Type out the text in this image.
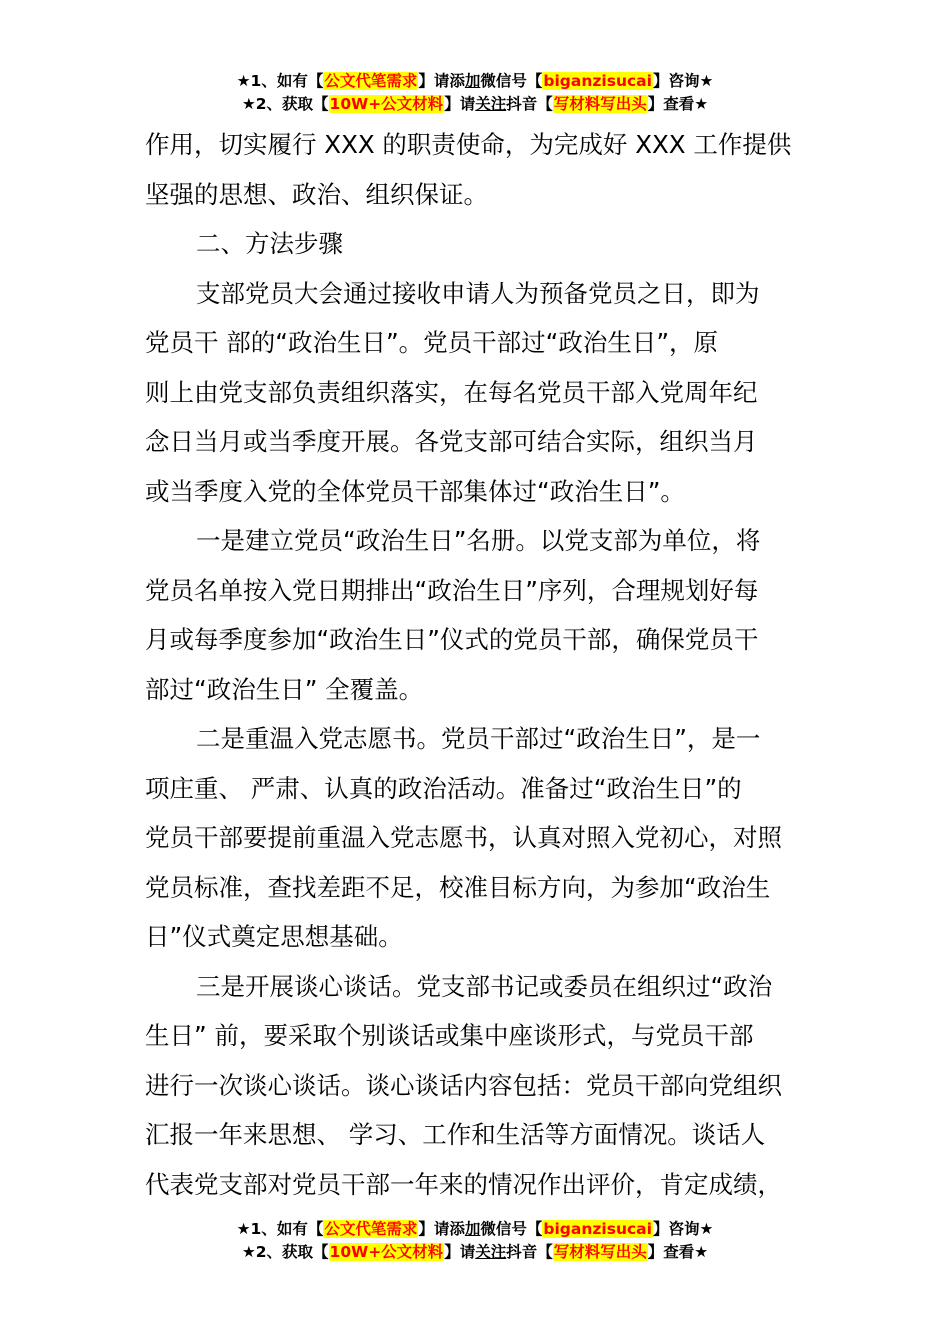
★1、如有【公文代笔需求】请添加微信号【biganzisucai】咨询★
★2、获取【10W+公文材料】请关注抖音【写材料写出头】查看★
作用，切实履行 XXX 的职责使命，为完成好 XXX 工作提供
坚强的思想、政治、组织保证。
二、方法步骤
支部党员大会通过接收申请人为预备党员之日，即为
党员干 部的“政治生日”。党员干部过“政治生日”，原
则上由党支部负责组织落实，在每名党员干部入党周年纪
念日当月或当季度开展。各党支部可结合实际，组织当月
或当季度入党的全体党员干部集体过“政治生日”。
一是建立党员“政治生日”名册。以党支部为单位，将
党员名单按入党日期排出“政治生日”序列，合理规划好每
月或每季度参加“政治生日”仪式的党员干部，确保党员干
部过“政治生日” 全覆盖。
二是重温入党志愿书。党员干部过“政治生日”，是一
项庄重、 严肃、认真的政治活动。准备过“政治生日”的
党员干部要提前重温入党志愿书，认真对照入党初心，对照
党员标准，查找差距不足，校准目标方向，为参加“政治生
日”仪式奠定思想基础。
三是开展谈心谈话。党支部书记或委员在组织过“政治
生日” 前，要采取个别谈话或集中座谈形式，与党员干部
进行一次谈心谈话。谈心谈话内容包括：党员干部向党组织
汇报一年来思想、 学习、工作和生活等方面情况。谈话人
代表党支部对党员干部一年来的情况作出评价，肯定成绩，
★1、如有【公文代笔需求】请添加微信号【biganzisucai】咨询★
★2、获取【10W+公文材料】请关注抖音【写材料写出头】查看★
